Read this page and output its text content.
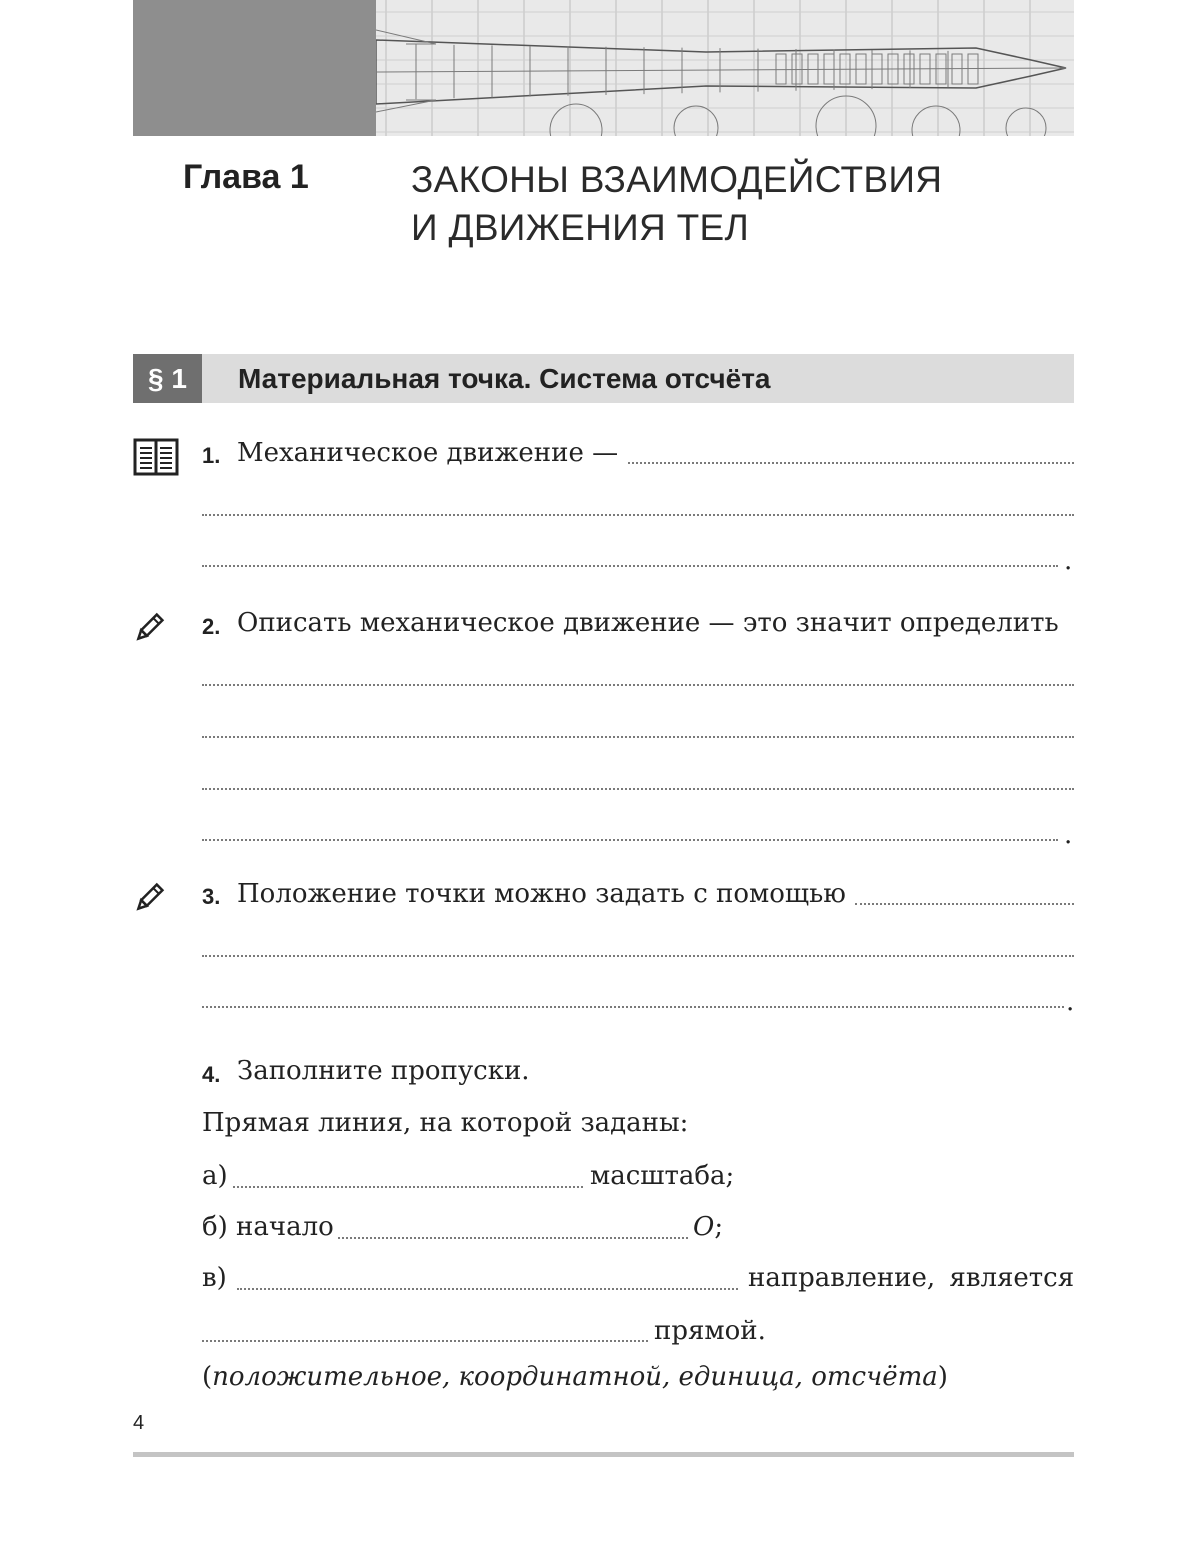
Глава 1	ЗАКОНЫ ВЗАИМОДЕЙСТВИЯ
И ДВИЖЕНИЯ ТЕЛ
§ 1	Материальная точка. Система отсчёта
1. Механическое движение —
.
2. Описать механическое движение — это значит определить
.
3. Положение точки можно задать с помощью
.
4. Заполните пропуски.
Прямая линия, на которой заданы:
а)	масштаба;
б) начало	O;
в)	направление, является
прямой.
(положительное, координатной, единица, отсчёта)
4
